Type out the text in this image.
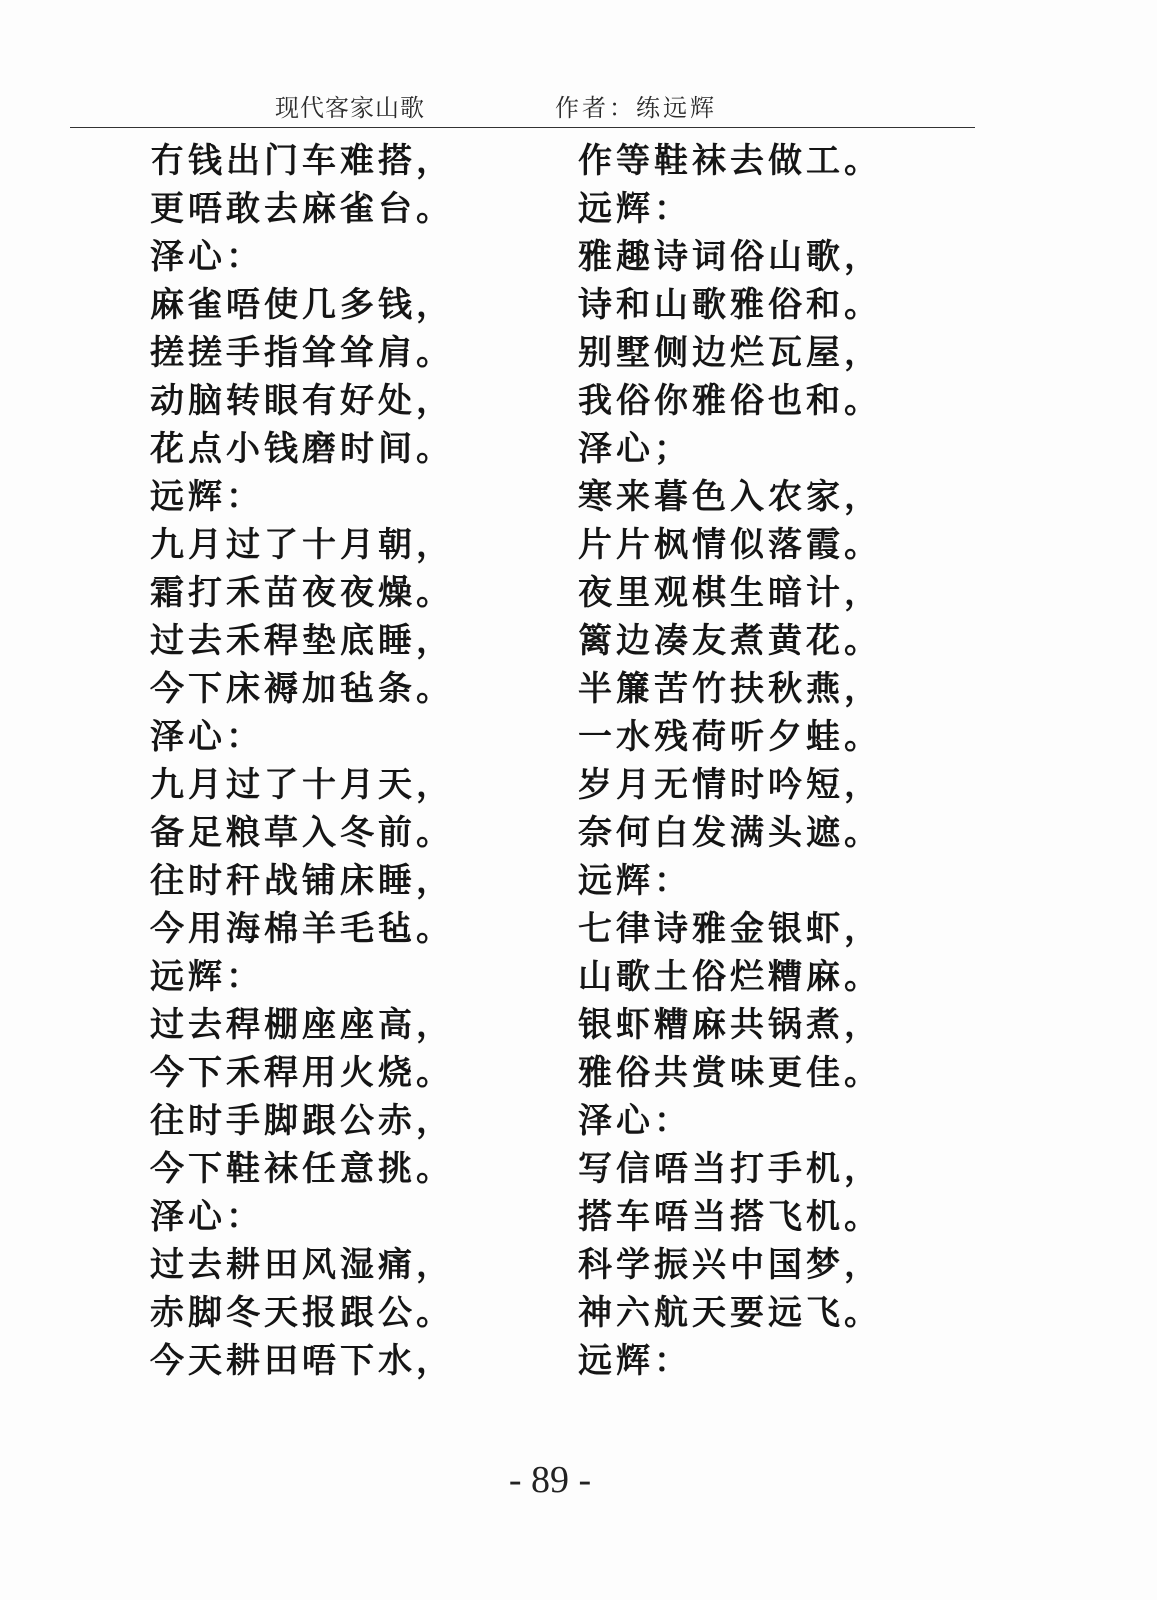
现代客家山歌	作者：练远辉
冇钱出门车难搭，
更唔敢去麻雀台。
泽心：
麻雀唔使几多钱，
搓搓手指耸耸肩。
动脑转眼有好处，
花点小钱磨时间。
远辉：
九月过了十月朝，
霜打禾苗夜夜燥。
过去禾稈垫底睡，
今下床褥加毡条。
泽心：
九月过了十月天，
备足粮草入冬前。
往时秆战铺床睡，
今用海棉羊毛毡。
远辉：
过去稈棚座座高，
今下禾稈用火烧。
往时手脚跟公赤，
今下鞋袜任意挑。
泽心：
过去耕田风湿痛，
赤脚冬天报跟公。
今天耕田唔下水，
作等鞋袜去做工。
远辉：
雅趣诗词俗山歌，
诗和山歌雅俗和。
别墅侧边烂瓦屋，
我俗你雅俗也和。
泽心；
寒来暮色入农家，
片片枫情似落霞。
夜里观棋生暗计，
篱边凑友煮黄花。
半簾苦竹扶秋燕，
一水残荷听夕蛙。
岁月无情时吟短，
奈何白发满头遮。
远辉：
七律诗雅金银虾，
山歌土俗烂糟麻。
银虾糟麻共锅煮，
雅俗共赏味更佳。
泽心：
写信唔当打手机，
搭车唔当搭飞机。
科学振兴中国梦，
神六航天要远飞。
远辉：
- 89 -
